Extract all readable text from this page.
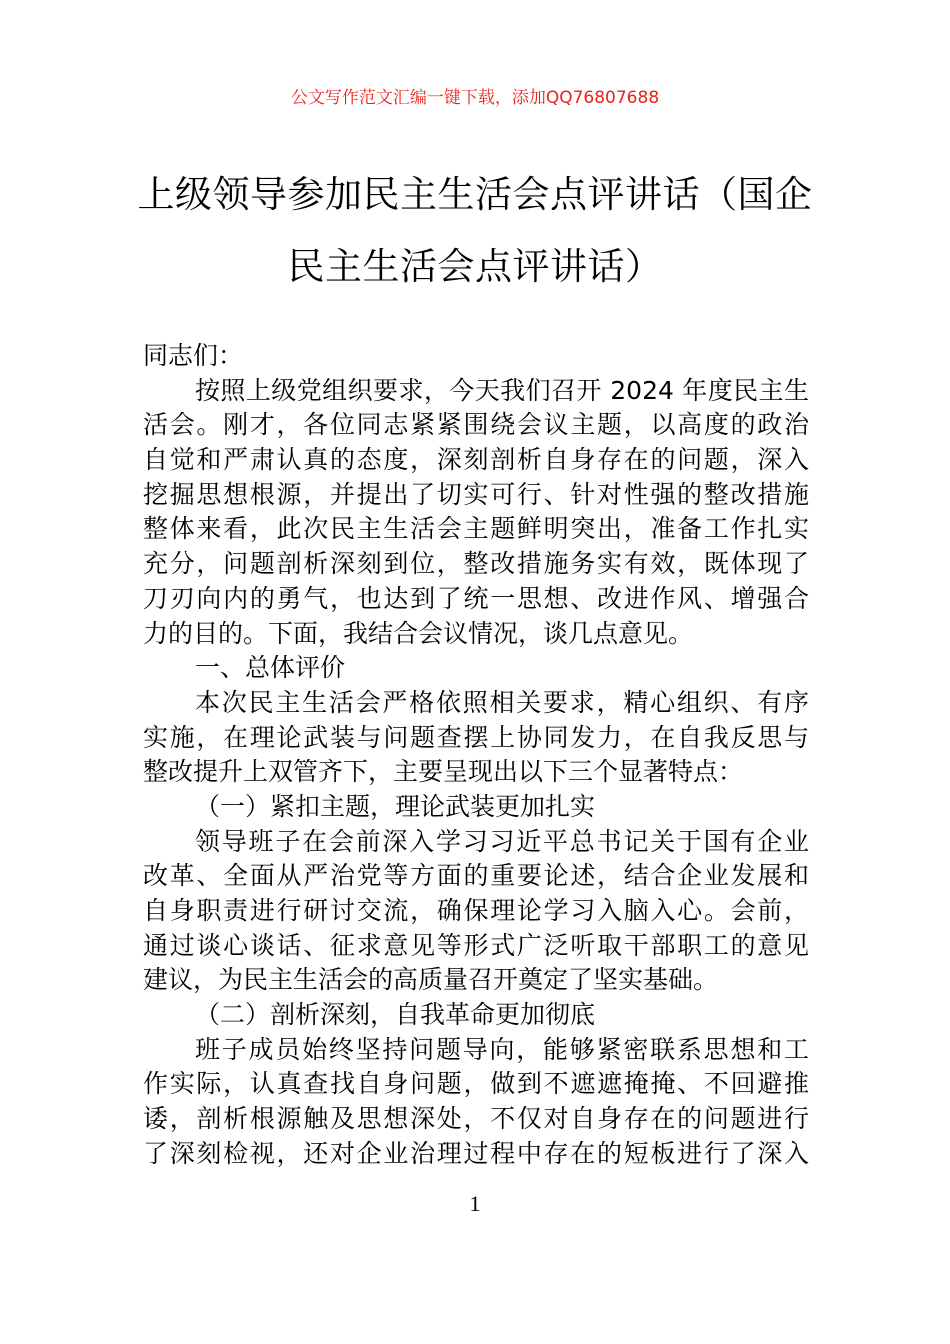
公文写作范文汇编一键下载，添加QQ76807688
上级领导参加民主生活会点评讲话（国企
民主生活会点评讲话）
同志们：
按照上级党组织要求，今天我们召开 2024 年度民主生
活会。刚才，各位同志紧紧围绕会议主题，以高度的政治
自觉和严肃认真的态度，深刻剖析自身存在的问题，深入
挖掘思想根源，并提出了切实可行、针对性强的整改措施
整体来看，此次民主生活会主题鲜明突出，准备工作扎实
充分，问题剖析深刻到位，整改措施务实有效，既体现了
刀刃向内的勇气，也达到了统一思想、改进作风、增强合
力的目的。下面，我结合会议情况，谈几点意见。
一、总体评价
本次民主生活会严格依照相关要求，精心组织、有序
实施，在理论武装与问题查摆上协同发力，在自我反思与
整改提升上双管齐下，主要呈现出以下三个显著特点：
（一）紧扣主题，理论武装更加扎实
领导班子在会前深入学习习近平总书记关于国有企业
改革、全面从严治党等方面的重要论述，结合企业发展和
自身职责进行研讨交流，确保理论学习入脑入心。会前，
通过谈心谈话、征求意见等形式广泛听取干部职工的意见
建议，为民主生活会的高质量召开奠定了坚实基础。
（二）剖析深刻，自我革命更加彻底
班子成员始终坚持问题导向，能够紧密联系思想和工
作实际，认真查找自身问题，做到不遮遮掩掩、不回避推
诿，剖析根源触及思想深处，不仅对自身存在的问题进行
了深刻检视，还对企业治理过程中存在的短板进行了深入
1
